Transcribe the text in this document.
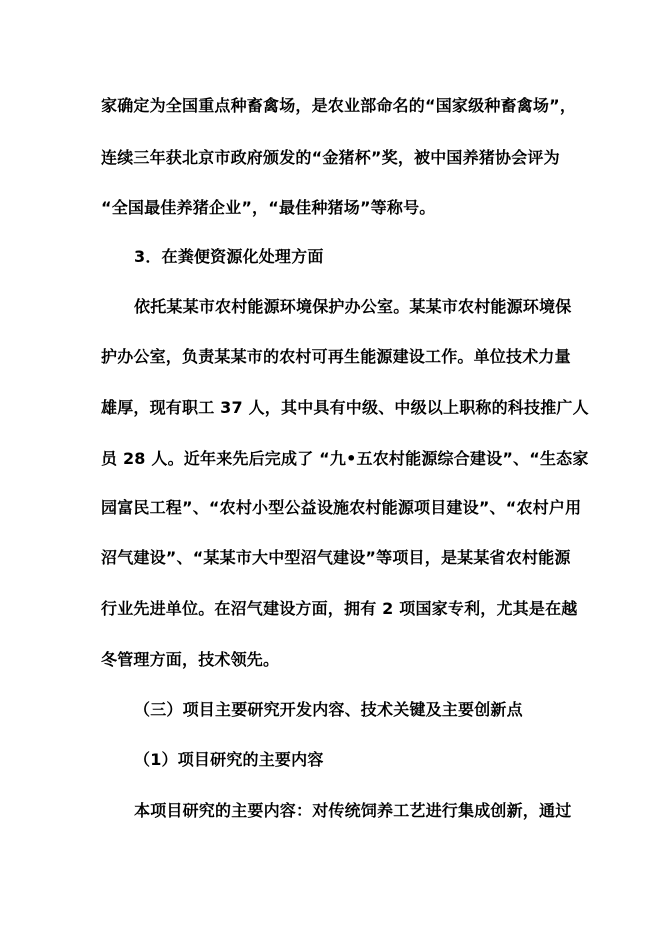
家确定为全国重点种畜禽场，是农业部命名的“国家级种畜禽场”，
连续三年获北京市政府颁发的“金猪杯”奖，被中国养猪协会评为
“全国最佳养猪企业”，“最佳种猪场”等称号。
3．在粪便资源化处理方面
依托某某市农村能源环境保护办公室。某某市农村能源环境保
护办公室，负责某某市的农村可再生能源建设工作。单位技术力量
雄厚，现有职工 37 人，其中具有中级、中级以上职称的科技推广人
员 28 人。近年来先后完成了 “九•五农村能源综合建设”、“生态家
园富民工程”、“农村小型公益设施农村能源项目建设”、“农村户用
沼气建设”、“某某市大中型沼气建设”等项目，是某某省农村能源
行业先进单位。在沼气建设方面，拥有 2 项国家专利，尤其是在越
冬管理方面，技术领先。
（三）项目主要研究开发内容、技术关键及主要创新点
（1）项目研究的主要内容
本项目研究的主要内容：对传统饲养工艺进行集成创新，通过
